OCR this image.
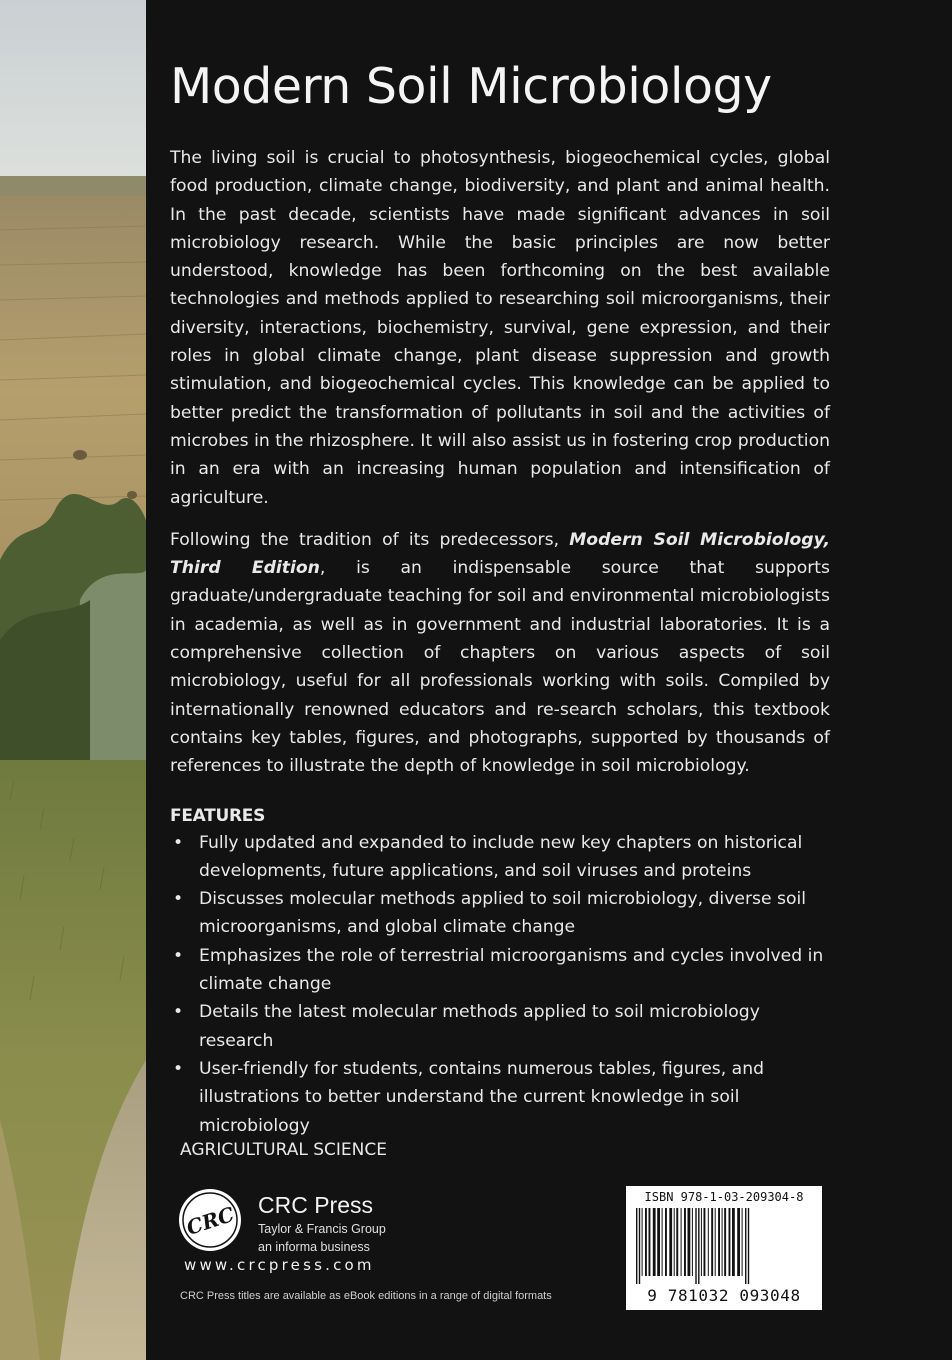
Modern Soil Microbiology

The living soil is crucial to photosynthesis, biogeochemical cycles, global food production, climate change, biodiversity, and plant and animal health. In the past decade, scientists have made significant advances in soil microbiology research. While the basic principles are now better understood, knowledge has been forthcoming on the best available technologies and methods applied to researching soil microorganisms, their diversity, interactions, biochemistry, survival, gene expression, and their roles in global climate change, plant disease suppression and growth stimulation, and biogeochemical cycles. This knowledge can be applied to better predict the transformation of pollutants in soil and the activities of microbes in the rhizosphere. It will also assist us in fostering crop production in an era with an increasing human population and intensification of agriculture.

Following the tradition of its predecessors, Modern Soil Microbiology, Third Edition, is an indispensable source that supports graduate/undergraduate teaching for soil and environmental microbiologists in academia, as well as in government and industrial laboratories. It is a comprehensive collection of chapters on various aspects of soil microbiology, useful for all professionals working with soils. Compiled by internationally renowned educators and re-search scholars, this textbook contains key tables, figures, and photographs, supported by thousands of references to illustrate the depth of knowledge in soil microbiology.

FEATURES
• Fully updated and expanded to include new key chapters on historical developments, future applications, and soil viruses and proteins
• Discusses molecular methods applied to soil microbiology, diverse soil microorganisms, and global climate change
• Emphasizes the role of terrestrial microorganisms and cycles involved in climate change
• Details the latest molecular methods applied to soil microbiology research
• User-friendly for students, contains numerous tables, figures, and illustrations to better understand the current knowledge in soil microbiology
AGRICULTURAL SCIENCE
CRC CRC Press
Taylor & Francis Group
an informa business
www.crcpress.com
CRC Press titles are available as eBook editions in a range of digital formats
ISBN 978-1-03-209304-8
9 781032 093048
